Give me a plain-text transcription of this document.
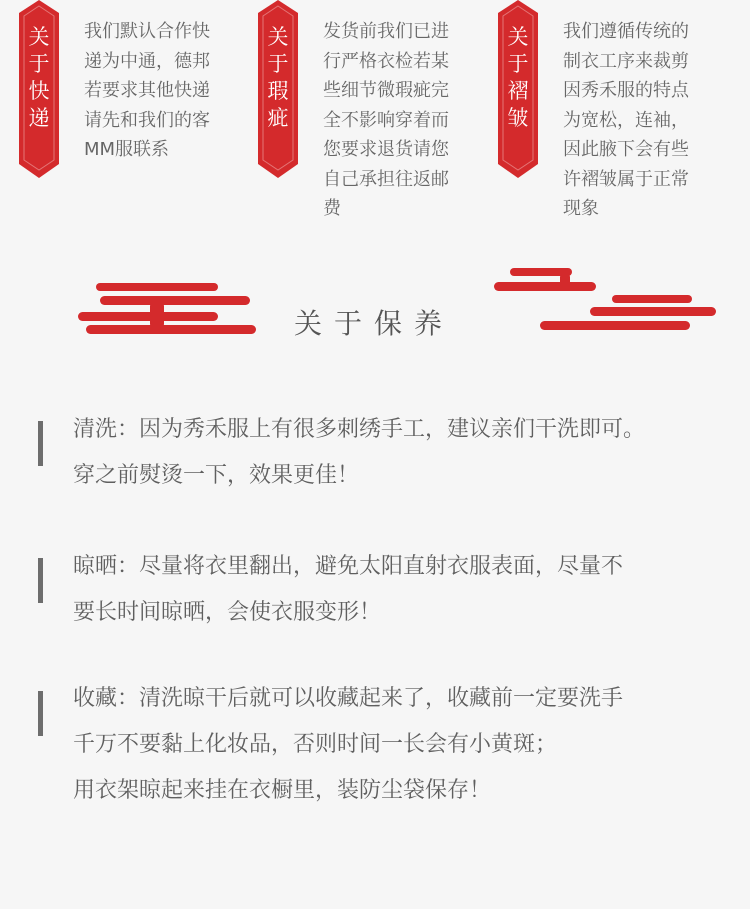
关
于
快
递
我们默认合作快
递为中通，德邦
若要求其他快递
请先和我们的客
MM服联系
关
于
瑕
疵
发货前我们已进
行严格衣检若某
些细节微瑕疵完
全不影响穿着而
您要求退货请您
自己承担往返邮
费
关
于
褶
皱
我们遵循传统的
制衣工序来裁剪
因秀禾服的特点
为宽松，连袖，
因此腋下会有些
许褶皱属于正常
现象
关于保养
清洗：因为秀禾服上有很多刺绣手工，建议亲们干洗即可。
穿之前熨烫一下，效果更佳！
晾晒：尽量将衣里翻出，避免太阳直射衣服表面，尽量不
要长时间晾晒，会使衣服变形！
收藏：清洗晾干后就可以收藏起来了，收藏前一定要洗手
千万不要黏上化妆品，否则时间一长会有小黄斑；
用衣架晾起来挂在衣橱里，装防尘袋保存！
